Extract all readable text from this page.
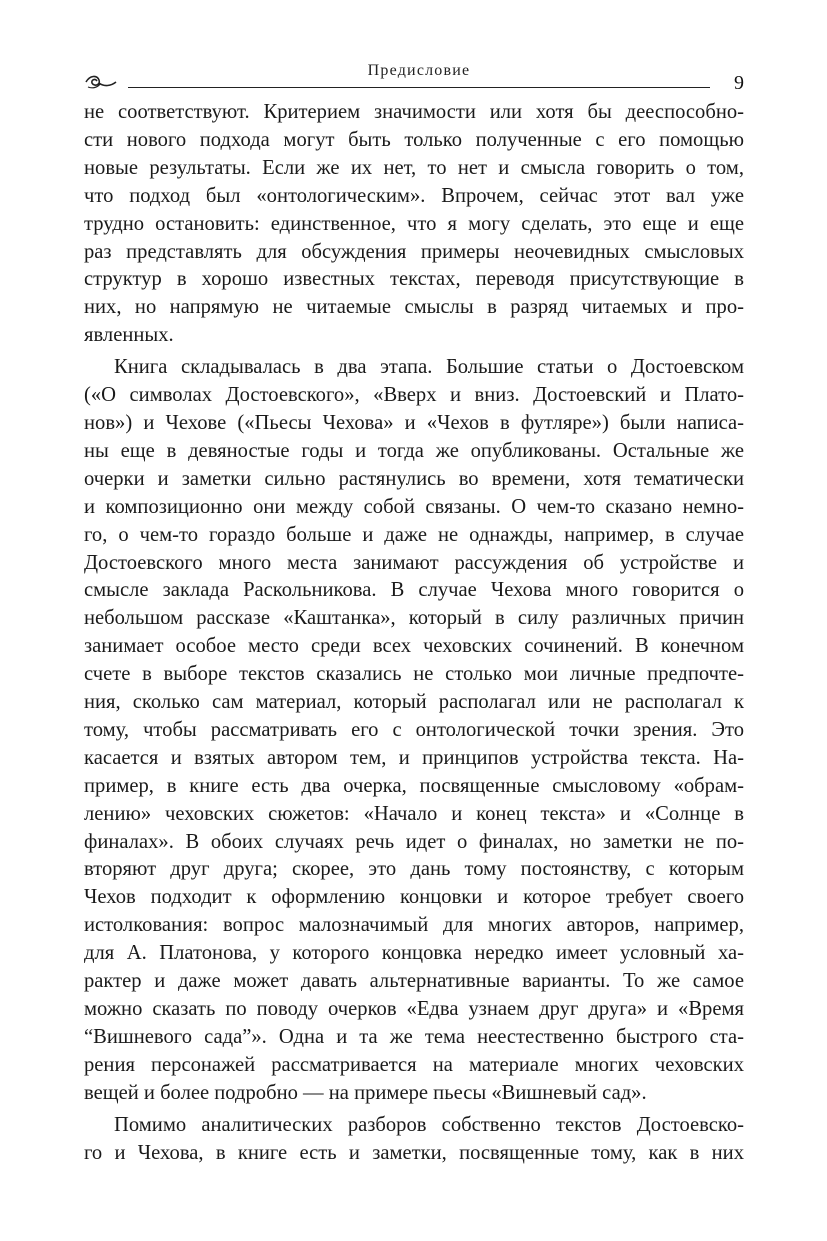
Предисловие
9

не соответствуют. Критерием значимости или хотя бы дееспособно-
сти нового подхода могут быть только полученные с его помощью
новые результаты. Если же их нет, то нет и смысла говорить о том,
что подход был «онтологическим». Впрочем, сейчас этот вал уже
трудно остановить: единственное, что я могу сделать, это еще и еще
раз представлять для обсуждения примеры неочевидных смысловых
структур в хорошо известных текстах, переводя присутствующие в
них, но напрямую не читаемые смыслы в разряд читаемых и про-
явленных.

Книга складывалась в два этапа. Большие статьи о Достоевском
(«О символах Достоевского», «Вверх и вниз. Достоевский и Плато-
нов») и Чехове («Пьесы Чехова» и «Чехов в футляре») были написа-
ны еще в девяностые годы и тогда же опубликованы. Остальные же
очерки и заметки сильно растянулись во времени, хотя тематически
и композиционно они между собой связаны. О чем-то сказано немно-
го, о чем-то гораздо больше и даже не однажды, например, в случае
Достоевского много места занимают рассуждения об устройстве и
смысле заклада Раскольникова. В случае Чехова много говорится о
небольшом рассказе «Каштанка», который в силу различных причин
занимает особое место среди всех чеховских сочинений. В конечном
счете в выборе текстов сказались не столько мои личные предпочте-
ния, сколько сам материал, который располагал или не располагал к
тому, чтобы рассматривать его с онтологической точки зрения. Это
касается и взятых автором тем, и принципов устройства текста. На-
пример, в книге есть два очерка, посвященные смысловому «обрам-
лению» чеховских сюжетов: «Начало и конец текста» и «Солнце в
финалах». В обоих случаях речь идет о финалах, но заметки не по-
вторяют друг друга; скорее, это дань тому постоянству, с которым
Чехов подходит к оформлению концовки и которое требует своего
истолкования: вопрос малозначимый для многих авторов, например,
для А. Платонова, у которого концовка нередко имеет условный ха-
рактер и даже может давать альтернативные варианты. То же самое
можно сказать по поводу очерков «Едва узнаем друг друга» и «Время
“Вишневого сада”». Одна и та же тема неестественно быстрого ста-
рения персонажей рассматривается на материале многих чеховских
вещей и более подробно — на примере пьесы «Вишневый сад».

Помимо аналитических разборов собственно текстов Достоевско-
го и Чехова, в книге есть и заметки, посвященные тому, как в них
